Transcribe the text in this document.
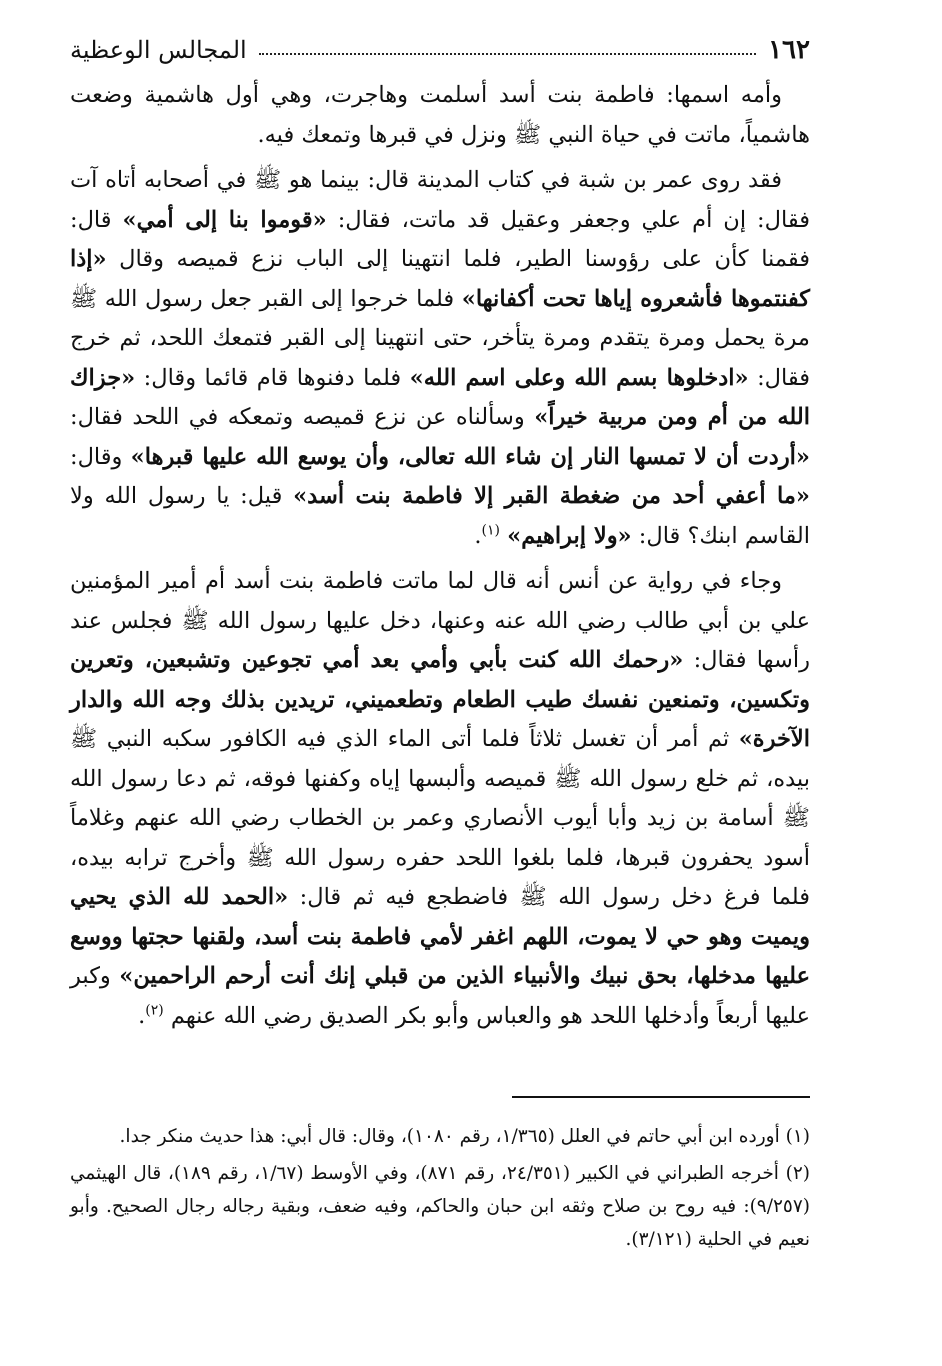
١٦٢
المجالس الوعظية

وأمه اسمها: فاطمة بنت أسد أسلمت وهاجرت، وهي أول هاشمية وضعت هاشمياً، ماتت في حياة النبي ﷺ ونزل في قبرها وتمعك فيه.

فقد روى عمر بن شبة في كتاب المدينة قال: بينما هو ﷺ في أصحابه أتاه آت فقال: إن أم علي وجعفر وعقيل قد ماتت، فقال: «قوموا بنا إلى أمي» قال: فقمنا كأن على رؤوسنا الطير، فلما انتهينا إلى الباب نزع قميصه وقال «إذا كفنتموها فأشعروه إياها تحت أكفانها» فلما خرجوا إلى القبر جعل رسول الله ﷺ مرة يحمل ومرة يتقدم ومرة يتأخر، حتى انتهينا إلى القبر فتمعك اللحد، ثم خرج فقال: «ادخلوها بسم الله وعلى اسم الله» فلما دفنوها قام قائما وقال: «جزاك الله من أم ومن مربية خيراً» وسألناه عن نزع قميصه وتمعكه في اللحد فقال: «أردت أن لا تمسها النار إن شاء الله تعالى، وأن يوسع الله عليها قبرها» وقال: «ما أعفي أحد من ضغطة القبر إلا فاطمة بنت أسد» قيل: يا رسول الله ولا القاسم ابنك؟ قال: «ولا إبراهيم» $^{(١)}$.

وجاء في رواية عن أنس أنه قال لما ماتت فاطمة بنت أسد أم أمير المؤمنين علي بن أبي طالب رضي الله عنه وعنها، دخل عليها رسول الله ﷺ فجلس عند رأسها فقال: «رحمك الله كنت بأبي وأمي بعد أمي تجوعين وتشبعين، وتعرين وتكسين، وتمنعين نفسك طيب الطعام وتطعميني، تريدين بذلك وجه الله والدار الآخرة» ثم أمر أن تغسل ثلاثاً فلما أتى الماء الذي فيه الكافور سكبه النبي ﷺ بيده، ثم خلع رسول الله ﷺ قميصه وألبسها إياه وكفنها فوقه، ثم دعا رسول الله ﷺ أسامة بن زيد وأبا أيوب الأنصاري وعمر بن الخطاب رضي الله عنهم وغلاماً أسود يحفرون قبرها، فلما بلغوا اللحد حفره رسول الله ﷺ وأخرج ترابه بيده، فلما فرغ دخل رسول الله ﷺ فاضطجع فيه ثم قال: «الحمد لله الذي يحيي ويميت وهو حي لا يموت، اللهم اغفر لأمي فاطمة بنت أسد، ولقنها حجتها ووسع عليها مدخلها، بحق نبيك والأنبياء الذين من قبلي إنك أنت أرحم الراحمين» وكبر عليها أربعاً وأدخلها اللحد هو والعباس وأبو بكر الصديق رضي الله عنهم $^{(٢)}$.

(١) أورده ابن أبي حاتم في العلل (١/٣٦٥، رقم ١٠٨٠)، وقال: قال أبي: هذا حديث منكر جدا.

(٢) أخرجه الطبراني في الكبير (٢٤/٣٥١، رقم ٨٧١)، وفي الأوسط (١/٦٧، رقم ١٨٩)، قال الهيثمي (٩/٢٥٧): فيه روح بن صلاح وثقه ابن حبان والحاكم، وفيه ضعف، وبقية رجاله رجال الصحيح. وأبو نعيم في الحلية (٣/١٢١).
